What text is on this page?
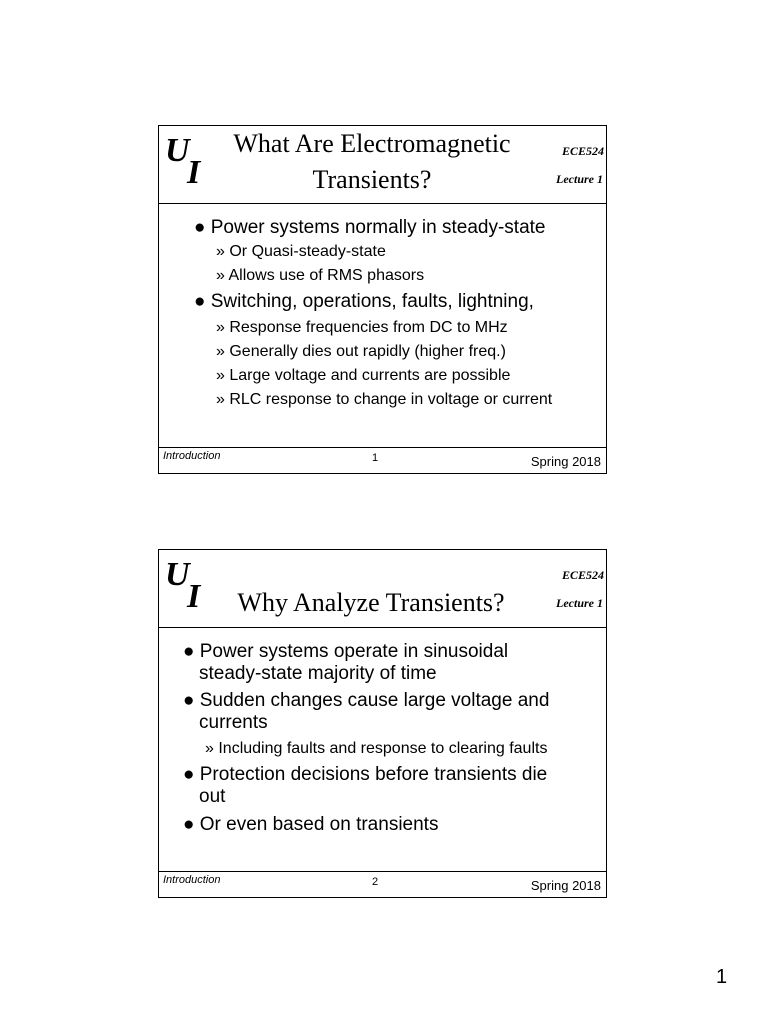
U
I
What Are Electromagnetic
Transients?
ECE524
Lecture 1
● Power systems normally in steady-state
» Or Quasi-steady-state
» Allows use of RMS phasors
● Switching, operations, faults, lightning,
» Response frequencies from DC to MHz
» Generally dies out rapidly (higher freq.)
» Large voltage and currents are possible
» RLC response to change in voltage or current
Introduction	1	Spring 2018
U
I	Why Analyze Transients?
ECE524
Lecture 1
● Power systems operate in sinusoidal
steady-state majority of time
● Sudden changes cause large voltage and
currents
» Including faults and response to clearing faults
● Protection decisions before transients die
out
● Or even based on transients
Introduction	2	Spring 2018
1
